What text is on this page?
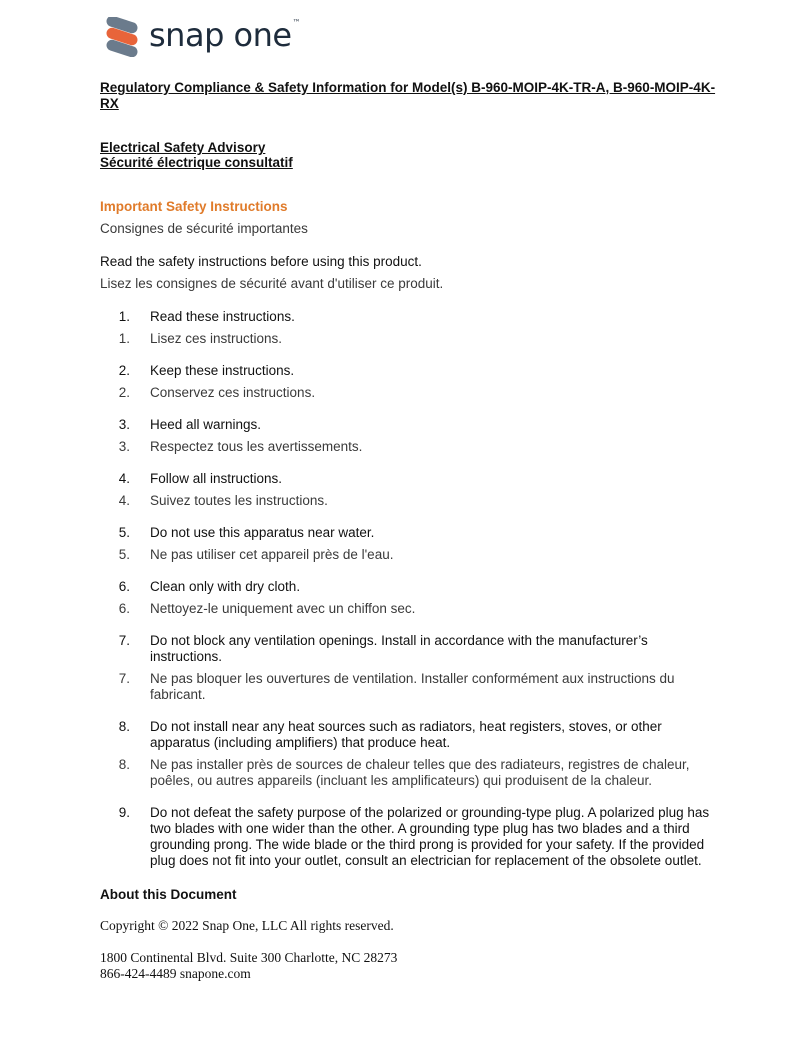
snap one™

Regulatory Compliance & Safety Information for Model(s) B-960-MOIP-4K-TR-A, B-960-MOIP-4K-RX

Electrical Safety Advisory
Sécurité électrique consultatif
Important Safety Instructions
Consignes de sécurité importantes
Read the safety instructions before using this product.
Lisez les consignes de sécurité avant d'utiliser ce produit.
1.	Read these instructions.
1.	Lisez ces instructions.
2.	Keep these instructions.
2.	Conservez ces instructions.
3.	Heed all warnings.
3.	Respectez tous les avertissements.
4.	Follow all instructions.
4.	Suivez toutes les instructions.
5.	Do not use this apparatus near water.
5.	Ne pas utiliser cet appareil près de l'eau.
6.	Clean only with dry cloth.
6.	Nettoyez-le uniquement avec un chiffon sec.
7.	Do not block any ventilation openings. Install in accordance with the manufacturer’s instructions.
7.	Ne pas bloquer les ouvertures de ventilation. Installer conformément aux instructions du fabricant.
8.	Do not install near any heat sources such as radiators, heat registers, stoves, or other apparatus (including amplifiers) that produce heat.
8.	Ne pas installer près de sources de chaleur telles que des radiateurs, registres de chaleur, poêles, ou autres appareils (incluant les amplificateurs) qui produisent de la chaleur.
9.	Do not defeat the safety purpose of the polarized or grounding-type plug. A polarized plug has two blades with one wider than the other. A grounding type plug has two blades and a third grounding prong. The wide blade or the third prong is provided for your safety. If the provided plug does not fit into your outlet, consult an electrician for replacement of the obsolete outlet.
About this Document
Copyright © 2022 Snap One, LLC All rights reserved.
1800 Continental Blvd. Suite 300 Charlotte, NC 28273
866-424-4489 snapone.com
